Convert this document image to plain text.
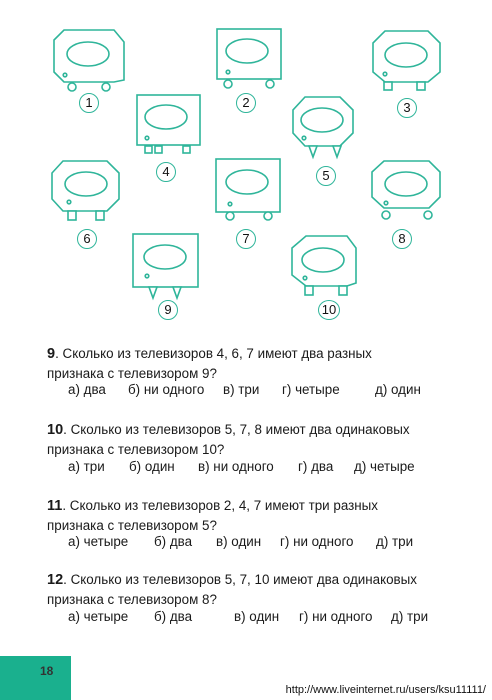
1	2	3
4	5
6	7	8
9	10
9. Сколько из телевизоров 4, 6, 7 имеют два разных
признака с телевизором 9?
а) два б) ни одного в) три г) четыре	д) один
10. Сколько из телевизоров 5, 7, 8 имеют два одинаковых
признака с телевизором 10?
а) три б) один в) ни одного г) два д) четыре
11. Сколько из телевизоров 2, 4, 7 имеют три разных
признака с телевизором 5?
а) четыре б) два в) один г) ни одного д) три
12. Сколько из телевизоров 5, 7, 10 имеют два одинаковых
признака с телевизором 8?
а) четыре б) два	в) один г) ни одного д) три
18
http://www.liveinternet.ru/users/ksu11111/
